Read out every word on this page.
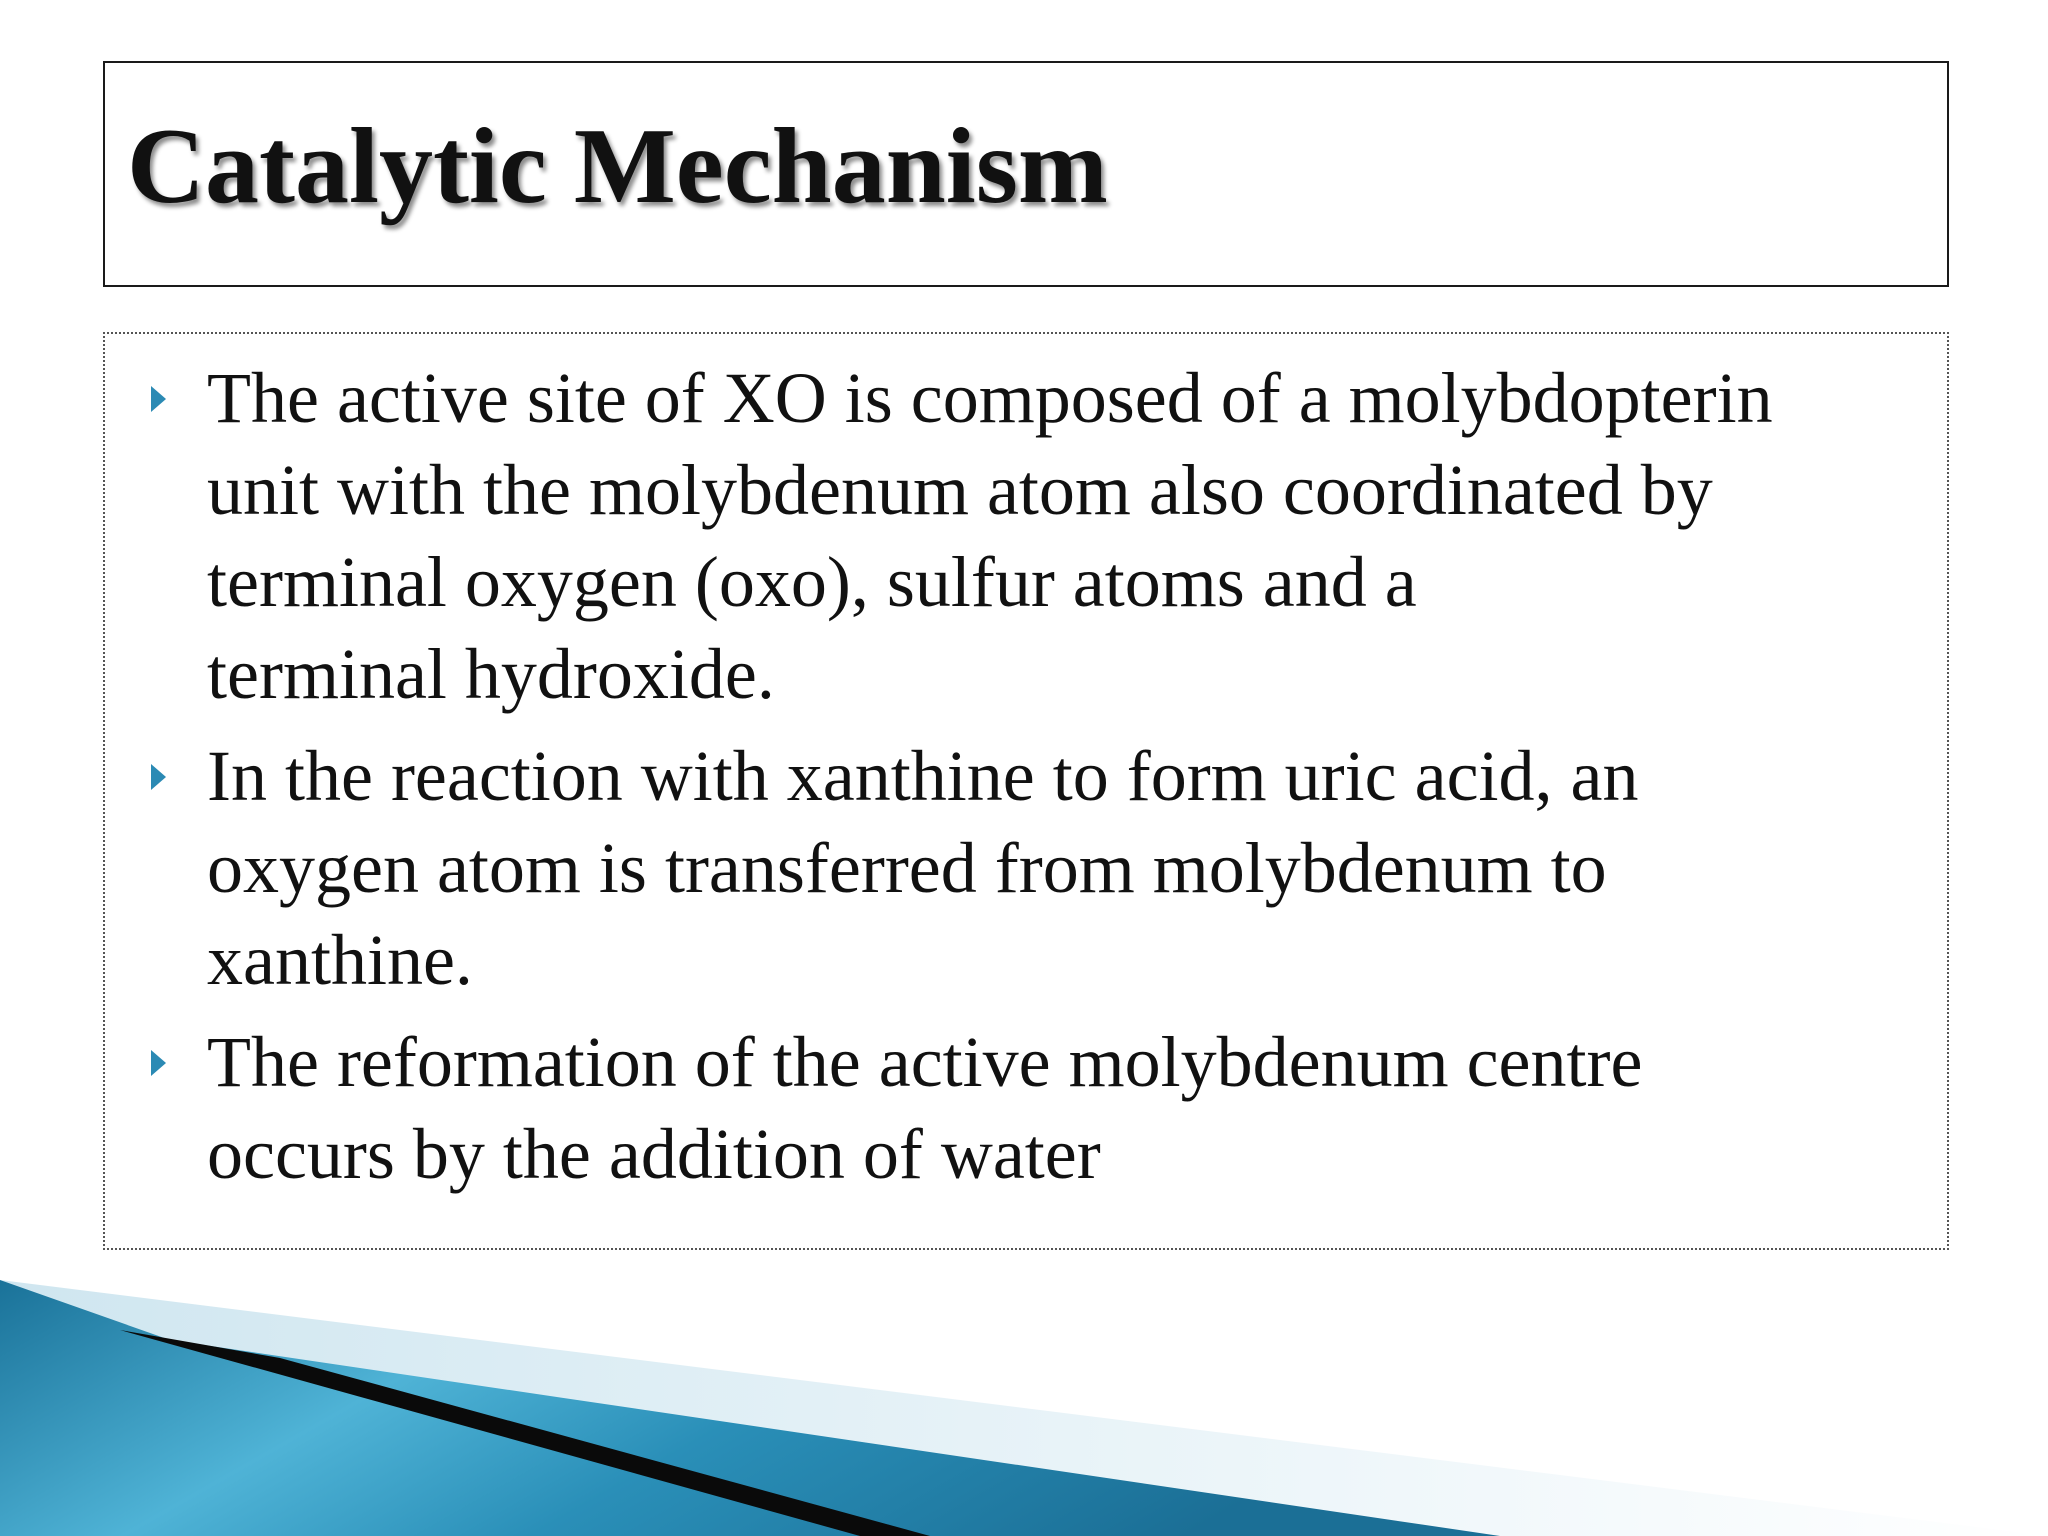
Catalytic Mechanism
The active site of XO is composed of a molybdopterin
unit with the molybdenum atom also coordinated by
terminal oxygen (oxo), sulfur atoms and a
terminal hydroxide.
In the reaction with xanthine to form uric acid, an
oxygen atom is transferred from molybdenum to
xanthine.
The reformation of the active molybdenum centre
occurs by the addition of water
